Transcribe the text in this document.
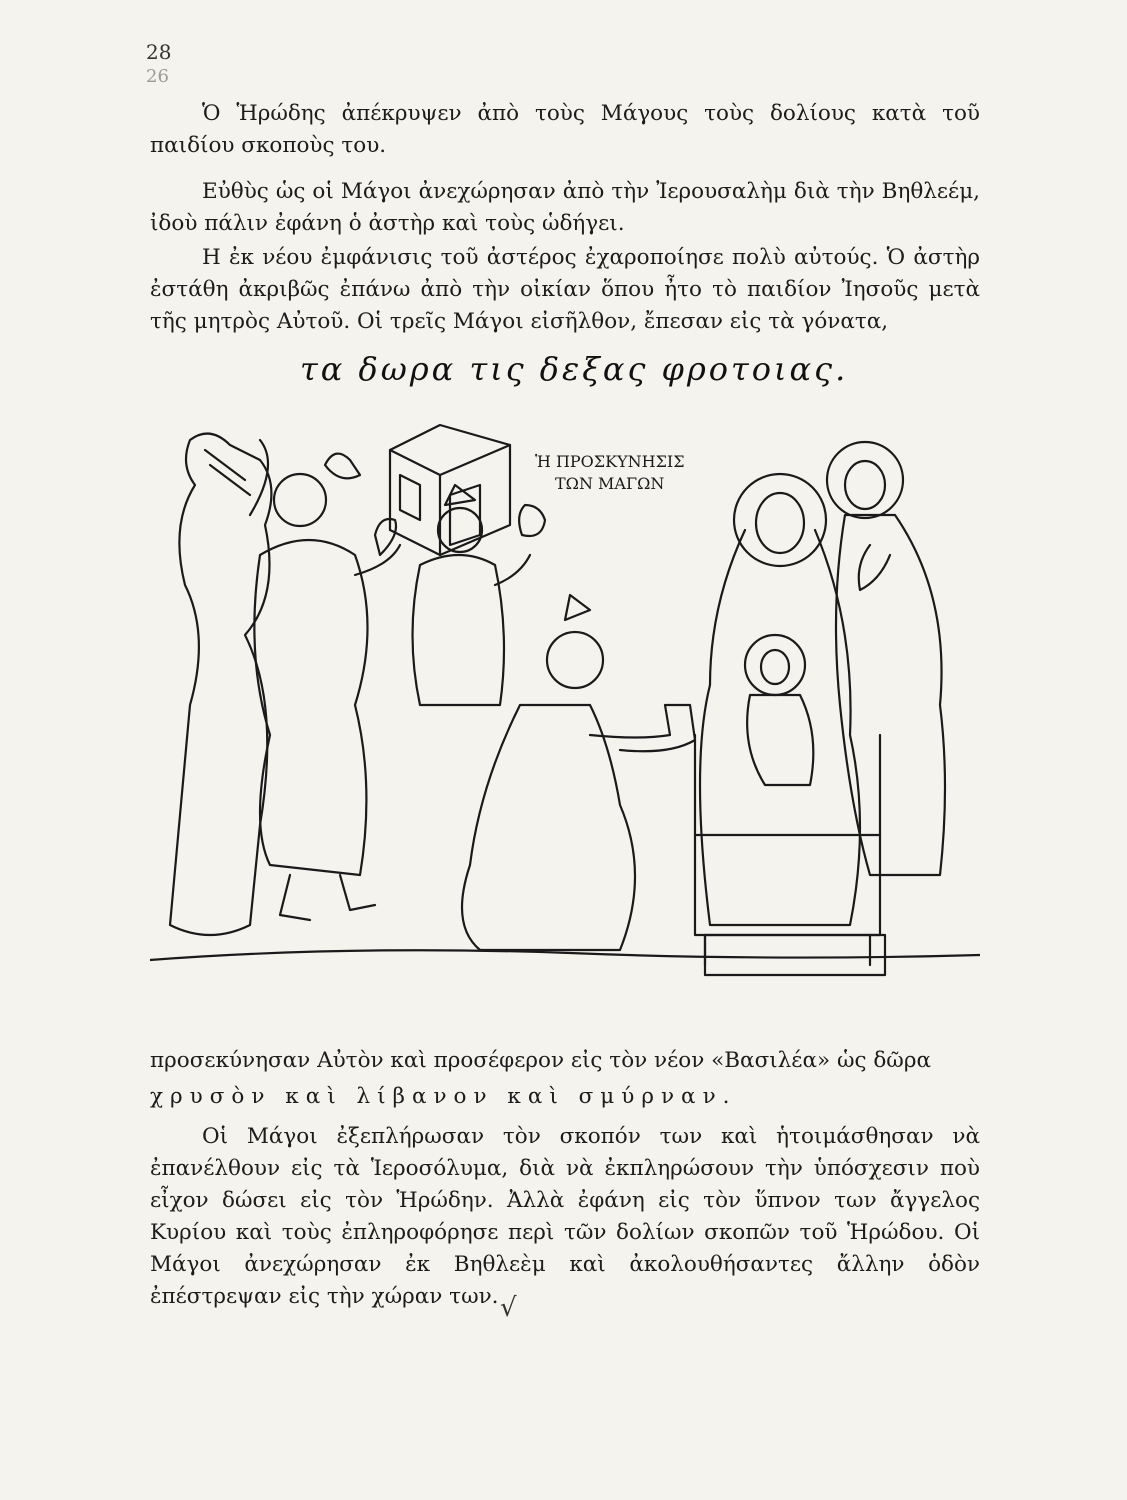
28
26
Ὁ Ἡρώδης ἀπέκρυψεν ἀπὸ τοὺς Μάγους τοὺς δολίους κατὰ τοῦ παιδίου σκοποὺς του.
Εὐθὺς ὡς οἱ Μάγοι ἀνεχώρησαν ἀπὸ τὴν Ἰερουσαλὴμ διὰ τὴν Βηθλεέμ, ἰδοὺ πάλιν ἐφάνη ὁ ἀστὴρ καὶ τοὺς ὡδήγει.
Η ἐκ νέου ἐμφάνισις τοῦ ἀστέρος ἐχαροποίησε πολὺ αὐτούς. Ὁ ἀστὴρ ἐστάθη ἀκριβῶς ἐπάνω ἀπὸ τὴν οἰκίαν ὅπου ἦτο τὸ παιδίον Ἰησοῦς μετὰ τῆς μητρὸς Αὐτοῦ. Οἱ τρεῖς Μάγοι εἰσῆλθον, ἔπεσαν εἰς τὰ γόνατα,
τα δωρα τις δεξας φροτοιας.
Ἡ ΠΡΟΣΚΥΝΗΣΙΣ
ΤΩΝ ΜΑΓΩΝ
προσεκύνησαν Αὐτὸν καὶ προσέφερον εἰς τὸν νέον «Βασιλέα» ὡς δῶρα
χρυσὸν καὶ λίβανον καὶ σμύρναν.
Οἱ Μάγοι ἐξεπλήρωσαν τὸν σκοπόν των καὶ ἡτοιμάσθησαν νὰ ἐπανέλθουν εἰς τὰ Ἱεροσόλυμα, διὰ νὰ ἐκπληρώσουν τὴν ὑπόσχεσιν ποὺ εἶχον δώσει εἰς τὸν Ἡρώδην. Ἀλλὰ ἐφάνη εἰς τὸν ὕπνον των ἄγγελος Κυρίου καὶ τοὺς ἐπληροφόρησε περὶ τῶν δολίων σκοπῶν τοῦ Ἡρώδου. Οἱ Μάγοι ἀνεχώρησαν ἐκ Βηθλεὲμ καὶ ἀκολουθήσαντες ἄλλην ὁδὸν ἐπέστρεψαν εἰς τὴν χώραν των. √
